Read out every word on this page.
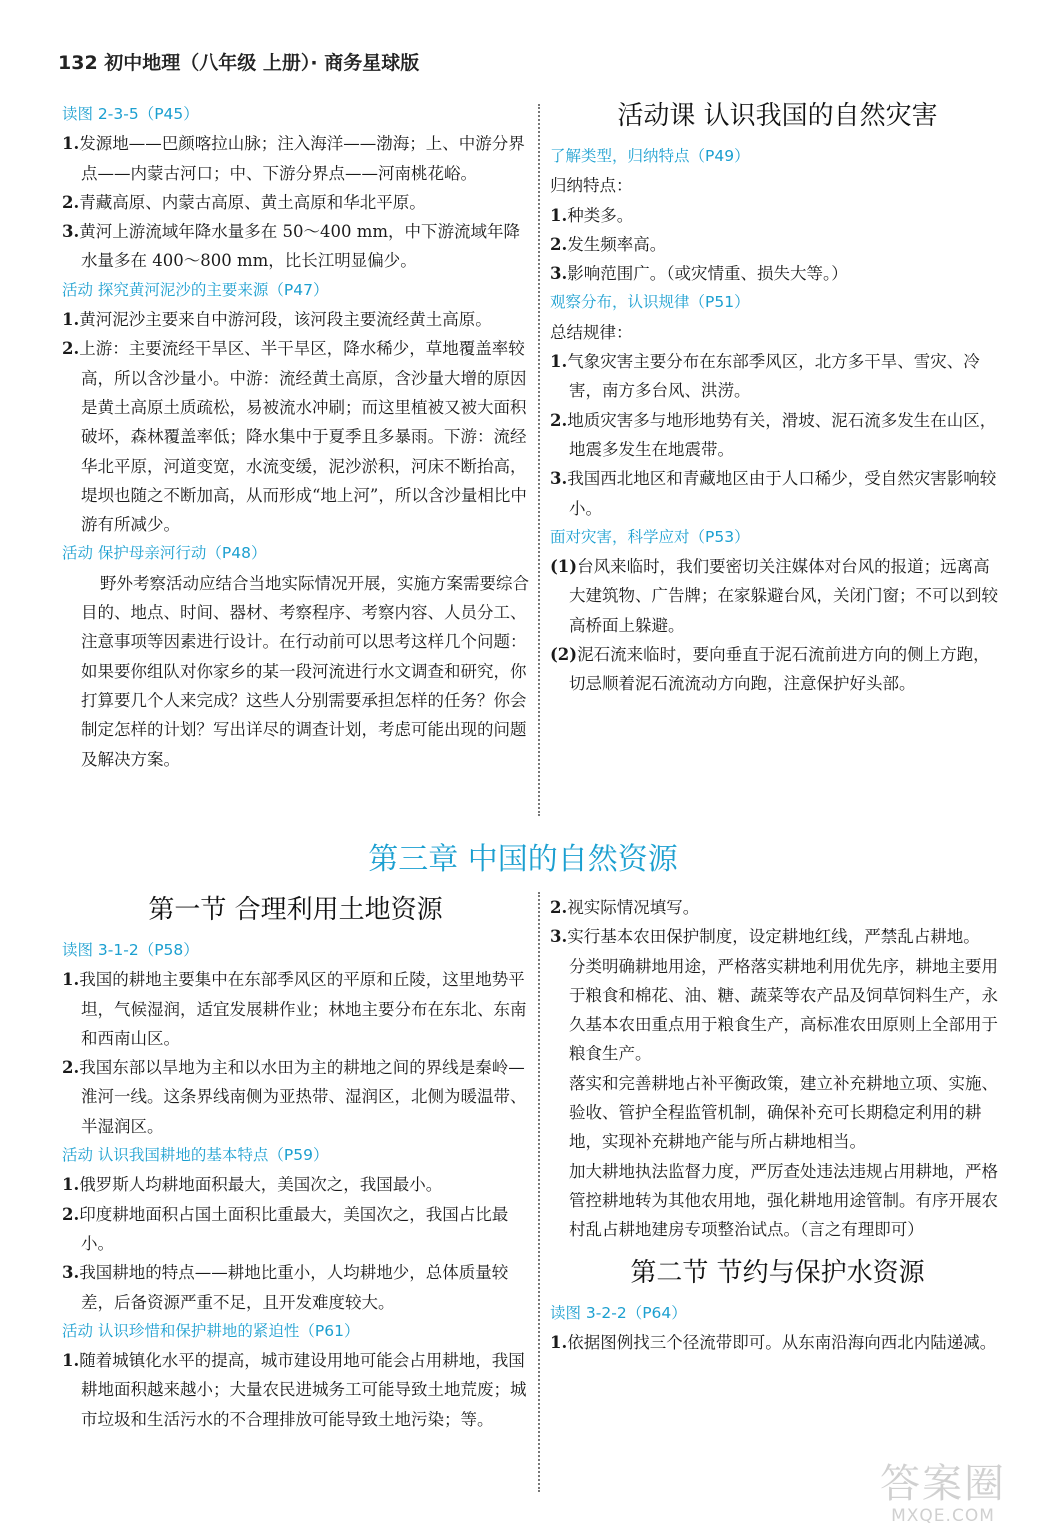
132 初中地理（八年级 上册）· 商务星球版

读图 2-3-5（P45）

1.发源地——巴颜喀拉山脉；注入海洋——渤海；上、中游分界点——内蒙古河口；中、下游分界点——河南桃花峪。

2.青藏高原、内蒙古高原、黄土高原和华北平原。

3.黄河上游流域年降水量多在 50～400 mm，中下游流域年降水量多在 400～800 mm，比长江明显偏少。

活动 探究黄河泥沙的主要来源（P47）

1.黄河泥沙主要来自中游河段，该河段主要流经黄土高原。

2.上游：主要流经干旱区、半干旱区，降水稀少，草地覆盖率较高，所以含沙量小。中游：流经黄土高原，含沙量大增的原因是黄土高原土质疏松，易被流水冲刷；而这里植被又被大面积破坏，森林覆盖率低；降水集中于夏季且多暴雨。下游：流经华北平原，河道变宽，水流变缓，泥沙淤积，河床不断抬高，堤坝也随之不断加高，从而形成“地上河”，所以含沙量相比中游有所减少。

活动 保护母亲河行动（P48）

野外考察活动应结合当地实际情况开展，实施方案需要综合目的、地点、时间、器材、考察程序、考察内容、人员分工、注意事项等因素进行设计。在行动前可以思考这样几个问题：如果要你组队对你家乡的某一段河流进行水文调查和研究，你打算要几个人来完成？这些人分别需要承担怎样的任务？你会制定怎样的计划？写出详尽的调查计划，考虑可能出现的问题及解决方案。

活动课 认识我国的自然灾害

了解类型，归纳特点（P49）

归纳特点：

1.种类多。

2.发生频率高。

3.影响范围广。（或灾情重、损失大等。）

观察分布，认识规律（P51）

总结规律：

1.气象灾害主要分布在东部季风区，北方多干旱、雪灾、冷害，南方多台风、洪涝。

2.地质灾害多与地形地势有关，滑坡、泥石流多发生在山区，地震多发生在地震带。

3.我国西北地区和青藏地区由于人口稀少，受自然灾害影响较小。

面对灾害，科学应对（P53）

(1)台风来临时，我们要密切关注媒体对台风的报道；远离高大建筑物、广告牌；在家躲避台风，关闭门窗；不可以到较高桥面上躲避。

(2)泥石流来临时，要向垂直于泥石流前进方向的侧上方跑，切忌顺着泥石流流动方向跑，注意保护好头部。

第三章 中国的自然资源
第一节 合理利用土地资源

读图 3-1-2（P58）

1.我国的耕地主要集中在东部季风区的平原和丘陵，这里地势平坦，气候湿润，适宜发展耕作业；林地主要分布在东北、东南和西南山区。

2.我国东部以旱地为主和以水田为主的耕地之间的界线是秦岭—淮河一线。这条界线南侧为亚热带、湿润区，北侧为暖温带、半湿润区。

活动 认识我国耕地的基本特点（P59）

1.俄罗斯人均耕地面积最大，美国次之，我国最小。

2.印度耕地面积占国土面积比重最大，美国次之，我国占比最小。

3.我国耕地的特点——耕地比重小，人均耕地少，总体质量较差，后备资源严重不足，且开发难度较大。

活动 认识珍惜和保护耕地的紧迫性（P61）

1.随着城镇化水平的提高，城市建设用地可能会占用耕地，我国耕地面积越来越小；大量农民进城务工可能导致土地荒废；城市垃圾和生活污水的不合理排放可能导致土地污染；等。

2.视实际情况填写。

3.实行基本农田保护制度，设定耕地红线，严禁乱占耕地。

分类明确耕地用途，严格落实耕地利用优先序，耕地主要用于粮食和棉花、油、糖、蔬菜等农产品及饲草饲料生产，永久基本农田重点用于粮食生产，高标准农田原则上全部用于粮食生产。

落实和完善耕地占补平衡政策，建立补充耕地立项、实施、验收、管护全程监管机制，确保补充可长期稳定利用的耕地，实现补充耕地产能与所占耕地相当。

加大耕地执法监督力度，严厉查处违法违规占用耕地，严格管控耕地转为其他农用地，强化耕地用途管制。有序开展农村乱占耕地建房专项整治试点。（言之有理即可）

第二节 节约与保护水资源

读图 3-2-2（P64）

1.依据图例找三个径流带即可。从东南沿海向西北内陆递减。

答案圈
MXQE.COM
